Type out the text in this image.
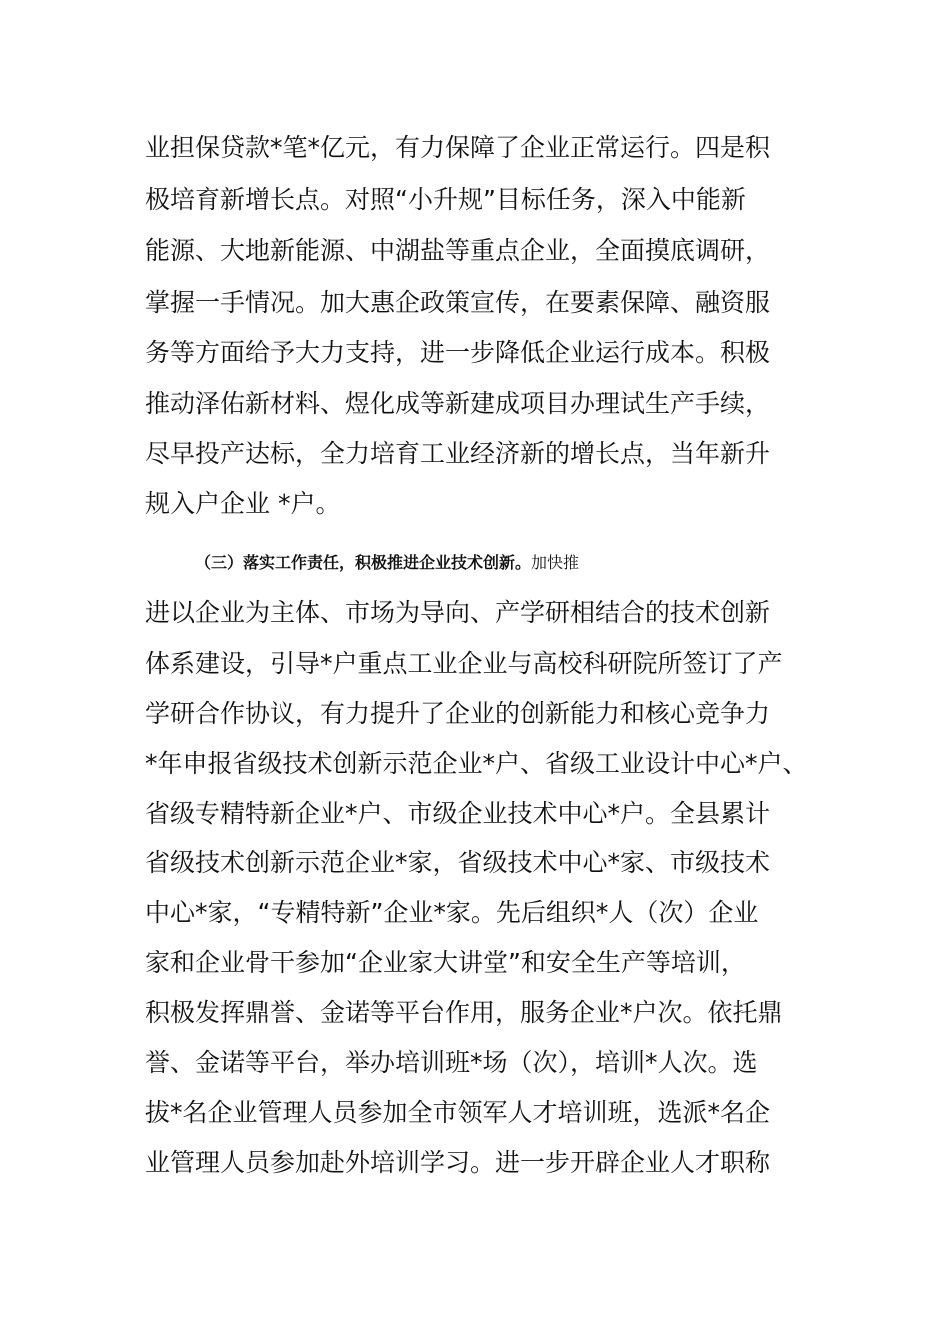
业担保贷款*笔*亿元，有力保障了企业正常运行。四是积

极培育新增长点。对照“小升规”目标任务，深入中能新

能源、大地新能源、中湖盐等重点企业，全面摸底调研，

掌握一手情况。加大惠企政策宣传，在要素保障、融资服

务等方面给予大力支持，进一步降低企业运行成本。积极

推动泽佑新材料、煜化成等新建成项目办理试生产手续，

尽早投产达标，全力培育工业经济新的增长点，当年新升

规入户企业 *户。

（三）落实工作责任，积极推进企业技术创新。加快推

进以企业为主体、市场为导向、产学研相结合的技术创新

体系建设，引导*户重点工业企业与高校科研院所签订了产

学研合作协议，有力提升了企业的创新能力和核心竞争力

*年申报省级技术创新示范企业*户、省级工业设计中心*户、

省级专精特新企业*户、市级企业技术中心*户。全县累计

省级技术创新示范企业*家，省级技术中心*家、市级技术

中心*家，“专精特新”企业*家。先后组织*人（次）企业

家和企业骨干参加“企业家大讲堂”和安全生产等培训，

积极发挥鼎誉、金诺等平台作用，服务企业*户次。依托鼎

誉、金诺等平台，举办培训班*场（次），培训*人次。选

拔*名企业管理人员参加全市领军人才培训班，选派*名企

业管理人员参加赴外培训学习。进一步开辟企业人才职称
